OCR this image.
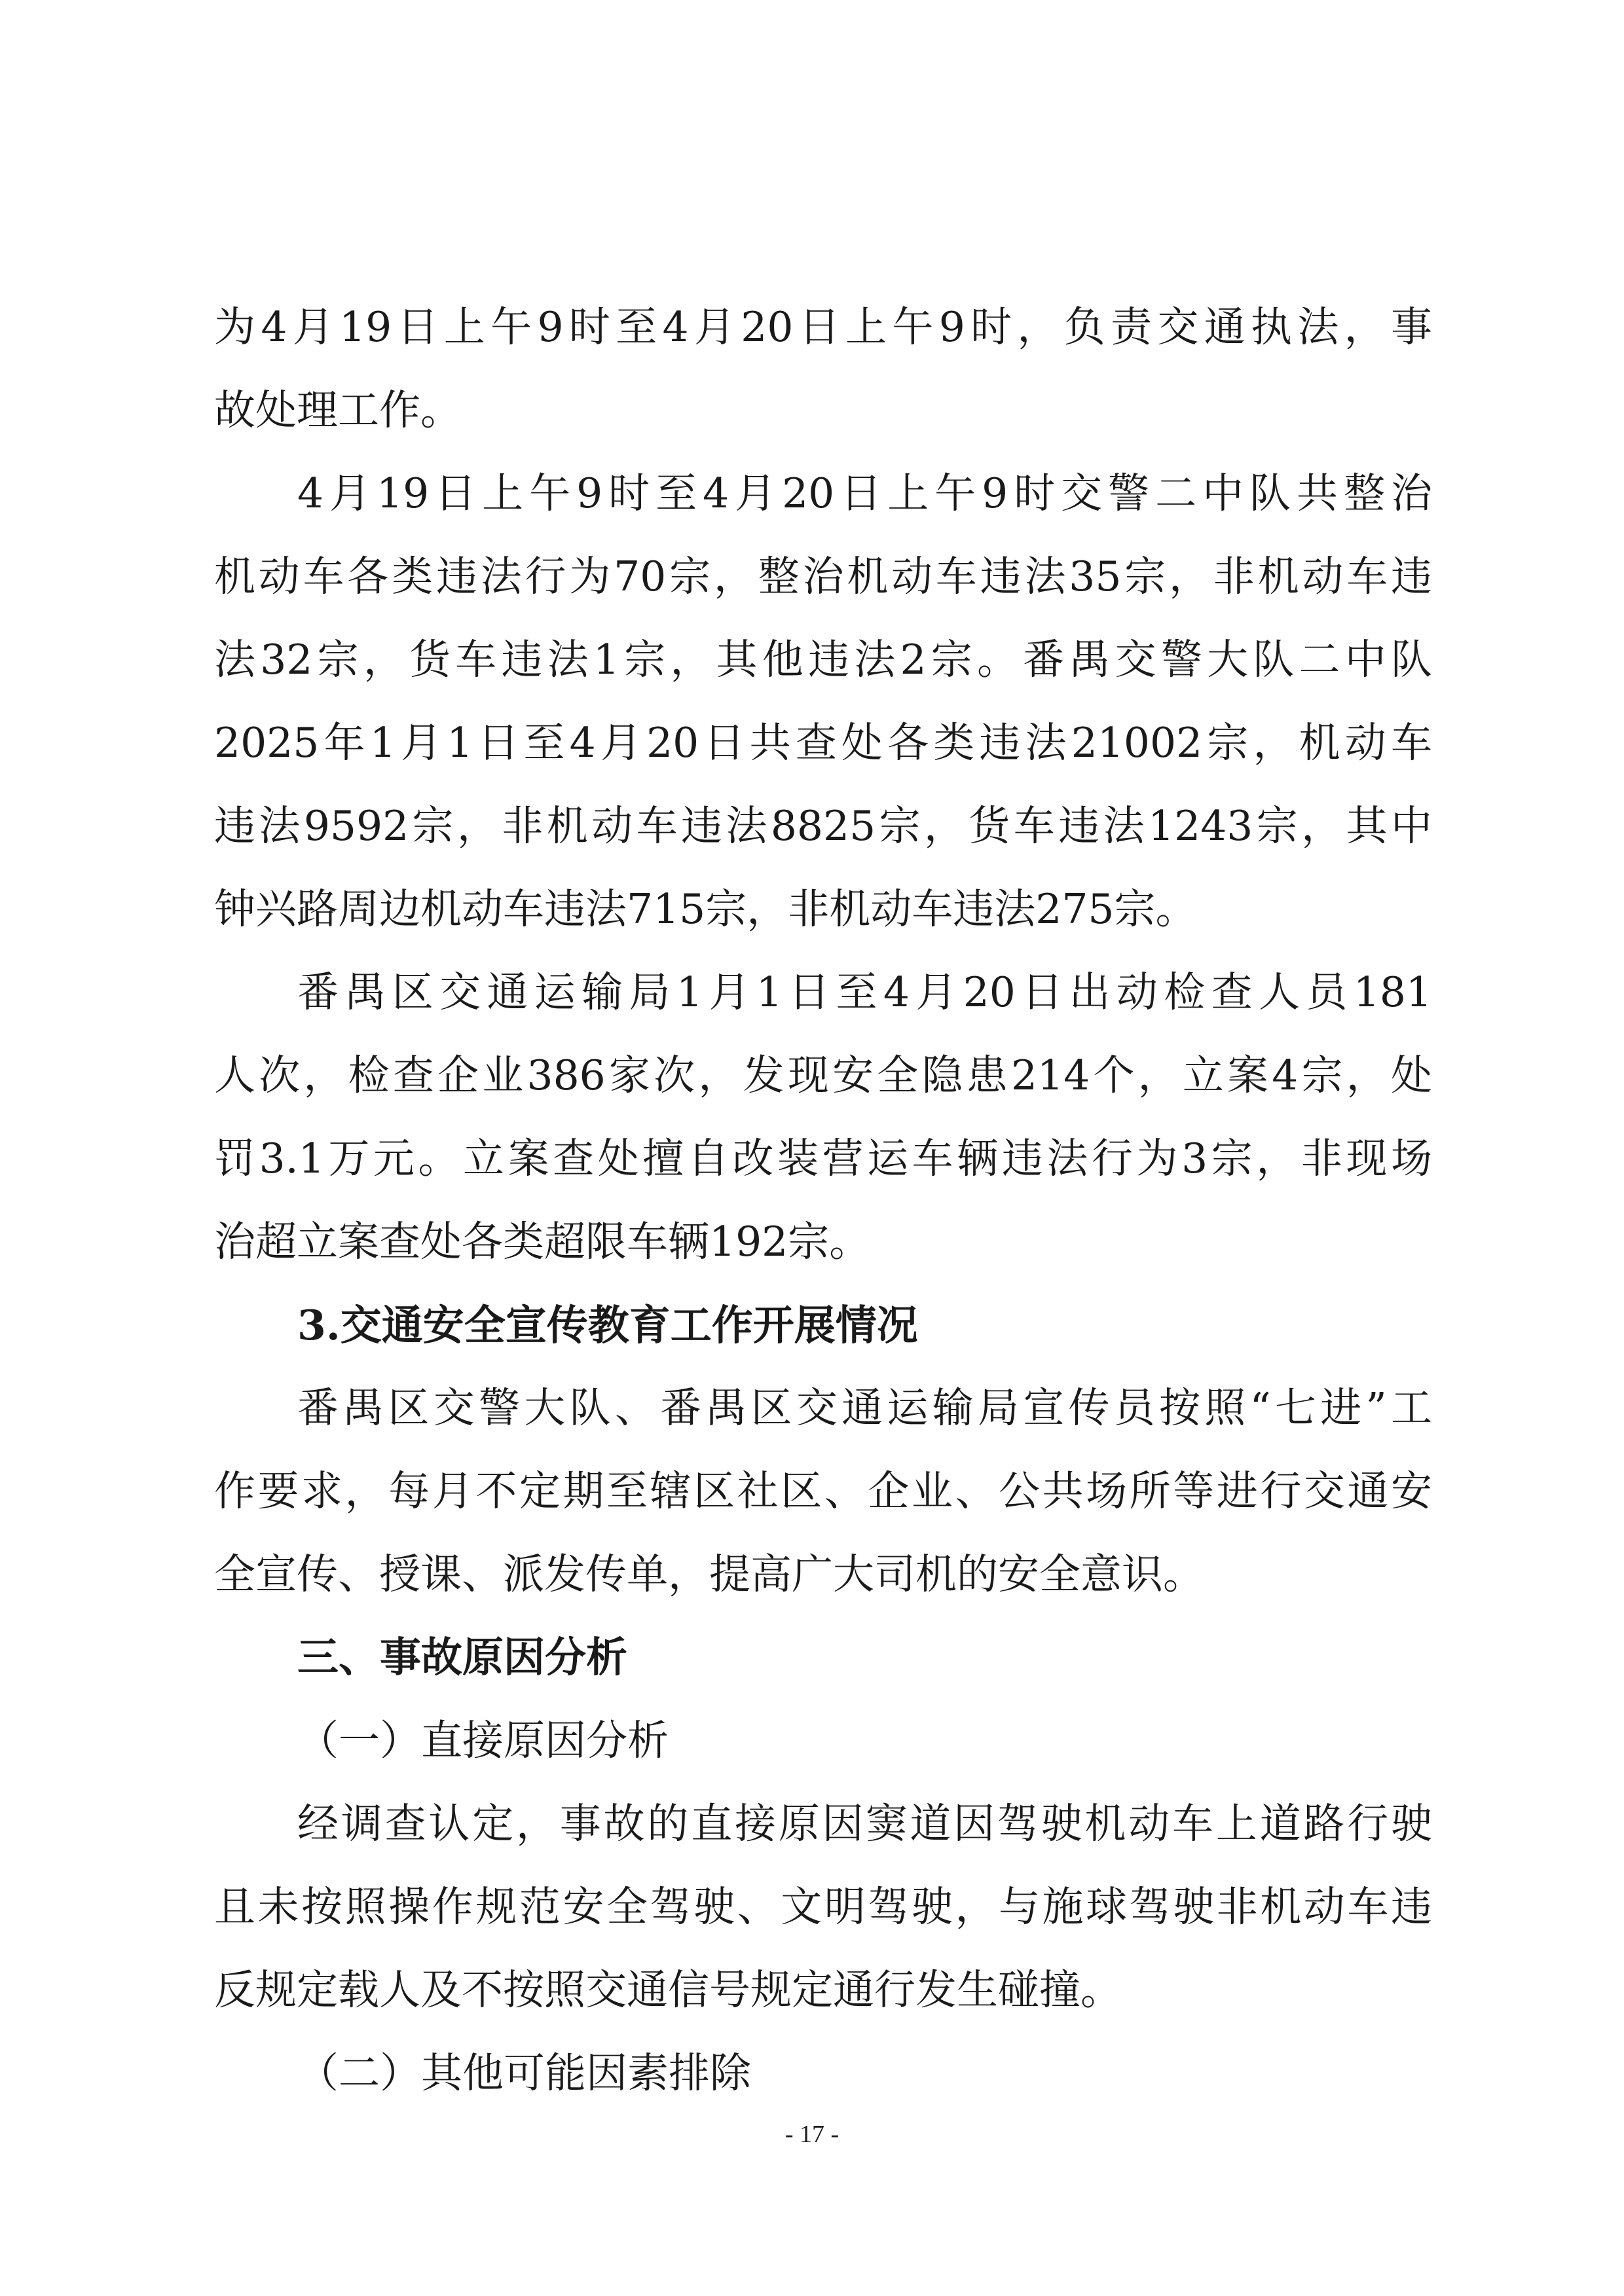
为4月19日上午9时至4月20日上午9时，负责交通执法，事
故处理工作。
4月19日上午9时至4月20日上午9时交警二中队共整治
机动车各类违法行为70宗，整治机动车违法35宗，非机动车违
法32宗，货车违法1宗，其他违法2宗。番禺交警大队二中队
2025年1月1日至4月20日共查处各类违法21002宗，机动车
违法9592宗，非机动车违法8825宗，货车违法1243宗，其中
钟兴路周边机动车违法715宗，非机动车违法275宗。
番禺区交通运输局1月1日至4月20日出动检查人员181
人次，检查企业386家次，发现安全隐患214个，立案4宗，处
罚3.1万元。立案查处擅自改装营运车辆违法行为3宗，非现场
治超立案查处各类超限车辆192宗。
3.交通安全宣传教育工作开展情况
番禺区交警大队、番禺区交通运输局宣传员按照“七进”工
作要求，每月不定期至辖区社区、企业、公共场所等进行交通安
全宣传、授课、派发传单，提高广大司机的安全意识。
三、事故原因分析
（一）直接原因分析
经调查认定，事故的直接原因窦道因驾驶机动车上道路行驶
且未按照操作规范安全驾驶、文明驾驶，与施球驾驶非机动车违
反规定载人及不按照交通信号规定通行发生碰撞。
（二）其他可能因素排除
- 17 -
